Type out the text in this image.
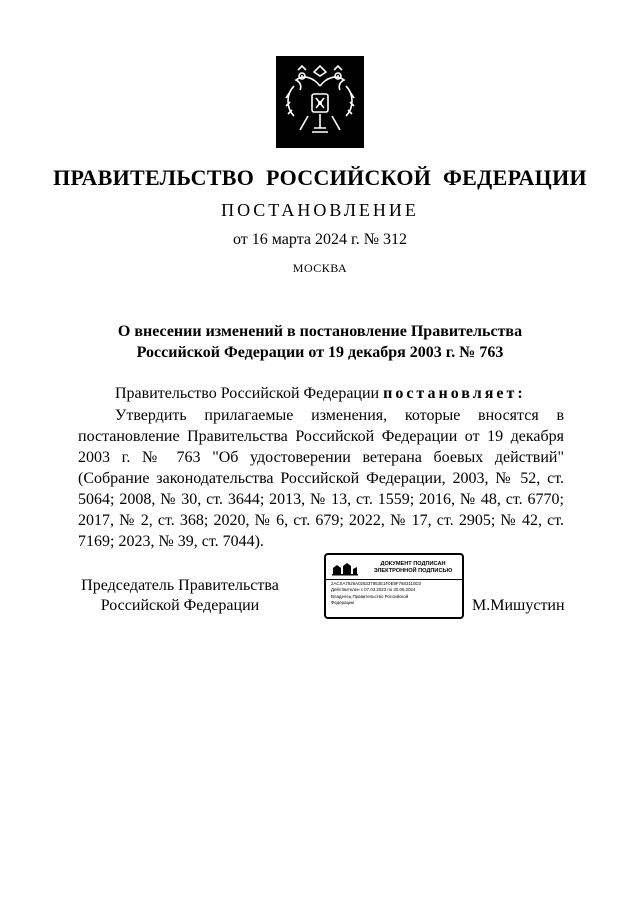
ПРАВИТЕЛЬСТВО РОССИЙСКОЙ ФЕДЕРАЦИИ
ПОСТАНОВЛЕНИЕ
от 16 марта 2024 г. № 312
МОСКВА
О внесении изменений в постановление Правительства
Российской Федерации от 19 декабря 2003 г. № 763
Правительство Российской Федерации постановляет:
Утвердить прилагаемые изменения, которые вносятся в постановление Правительства Российской Федерации от 19 декабря 2003 г. № 763 "Об удостоверении ветерана боевых действий" (Собрание законодательства Российской Федерации, 2003, № 52, ст. 5064; 2008, № 30, ст. 3644; 2013, № 13, ст. 1559; 2016, № 48, ст. 6770; 2017, № 2, ст. 368; 2020, № 6, ст. 679; 2022, № 17, ст. 2905; № 42, ст. 7169; 2023, № 39, ст. 7044).
Председатель Правительства
Российской Федерации
ДОКУМЕНТ ПОДПИСАН
ЭЛЕКТРОННОЙ ПОДПИСЬЮ
2ACSA7926A026337953E1F0E9F7683110D3
Действителен с 07.03.2023 по 30.05.2024
Владелец Правительство Российской
Федерации	М.Мишустин
